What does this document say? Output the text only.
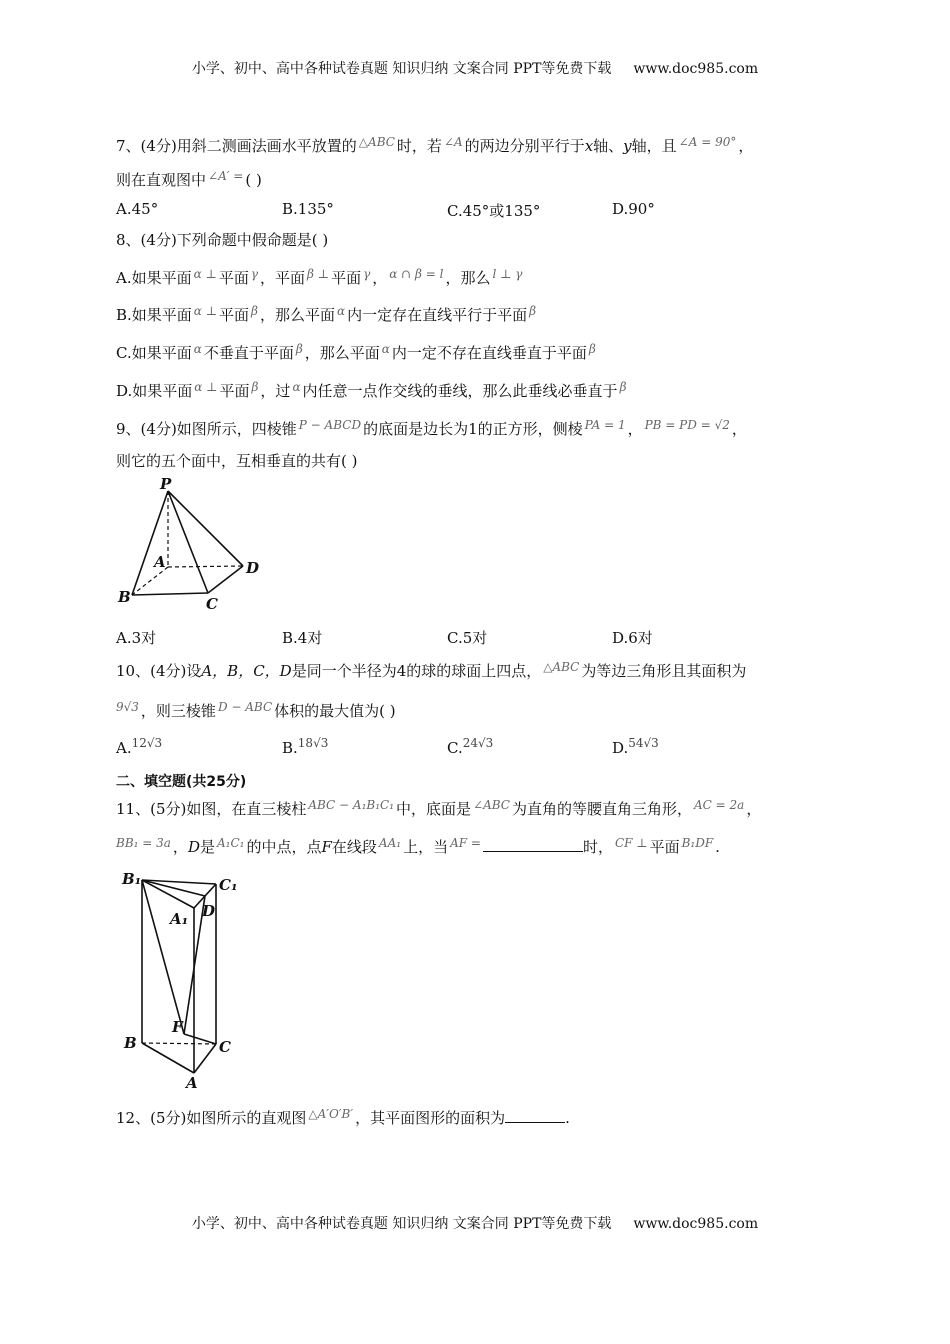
小学、初中、高中各种试卷真题 知识归纳 文案合同 PPT等免费下载 www.doc985.com
7、(4分)用斜二测画法画水平放置的 $^{\triangle ABC}$ 时，若 $^{\angle A}$ 的两边分别平行于x轴、y轴，且 $^{\angle A = 90^\circ}$ ，
则在直观图中 $^{\angle A' =}$ ( )
A.45°	B.135°	C.45°或135°	D.90°
8、(4分)下列命题中假命题是( )
A.如果平面 $^{\alpha \perp}$ 平面 $^\gamma$ ，平面 $^{\beta \perp}$ 平面 $^\gamma$ ， $^{\alpha \cap \beta = l}$ ，那么 $^{l \perp \gamma}$
B.如果平面 $^{\alpha \perp}$ 平面 $^\beta$ ，那么平面 $^\alpha$ 内一定存在直线平行于平面 $^\beta$
C.如果平面 $^\alpha$ 不垂直于平面 $^\beta$ ，那么平面 $^\alpha$ 内一定不存在直线垂直于平面 $^\beta$
D.如果平面 $^{\alpha \perp}$ 平面 $^\beta$ ，过 $^\alpha$ 内任意一点作交线的垂线，那么此垂线必垂直于 $^\beta$
9、(4分)如图所示，四棱锥 $^{P - ABCD}$ 的底面是边长为1的正方形，侧棱 $^{PA = 1}$ ， $^{PB = PD = √2}$ ，
则它的五个面中，互相垂直的共有( )
P
A	D
B	C
A.3对	B.4对	C.5对	D.6对
10、(4分)设A，B，C，D是同一个半径为4的球的球面上四点， $^{\triangle ABC}$ 为等边三角形且其面积为
$^{9√3}$ ，则三棱锥 $^{D - ABC}$ 体积的最大值为( )
A.$^{12√3}$	B.$^{18√3}$	C.$^{24√3}$	D.$^{54√3}$
二、填空题(共25分)
11、(5分)如图，在直三棱柱 $^{ABC - A_1B_1C_1}$ 中，底面是 $^{\angle ABC}$ 为直角的等腰直角三角形， $^{AC = 2a}$ ，
$^{BB_1 = 3a}$ ，D是 $^{A_1C_1}$ 的中点，点F在线段 $^{AA_1}$ 上，当 $^{AF =}$	时， $^{CF \perp}$ 平面 $^{B_1DF}$ .
B₁	C₁
D
A₁
F
B	C
A
12、(5分)如图所示的直观图 $^{\triangle A'O'B'}$ ，其平面图形的面积为	.
小学、初中、高中各种试卷真题 知识归纳 文案合同 PPT等免费下载 www.doc985.com
